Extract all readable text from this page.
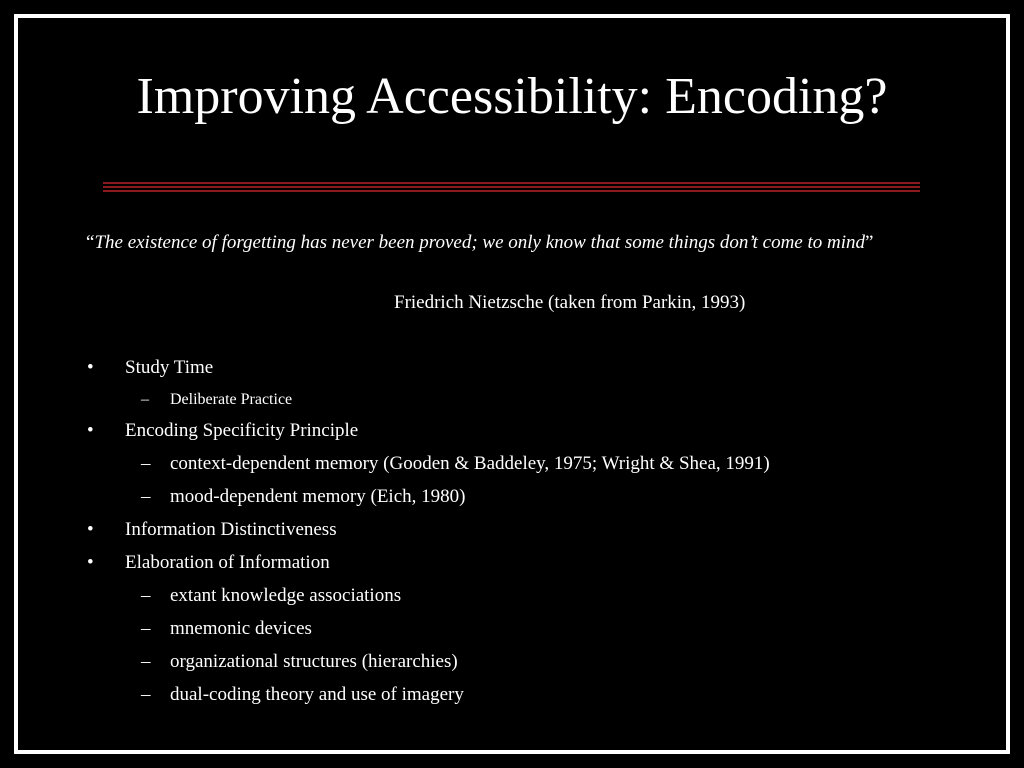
Improving Accessibility: Encoding?
“The existence of forgetting has never been proved; we only know that some things don’t come to mind”
Friedrich Nietzsche (taken from Parkin, 1993)
• Study Time
– Deliberate Practice
• Encoding Specificity Principle
– context-dependent memory (Gooden & Baddeley, 1975; Wright & Shea, 1991)
– mood-dependent memory (Eich, 1980)
• Information Distinctiveness
• Elaboration of Information
– extant knowledge associations
– mnemonic devices
– organizational structures (hierarchies)
– dual-coding theory and use of imagery
